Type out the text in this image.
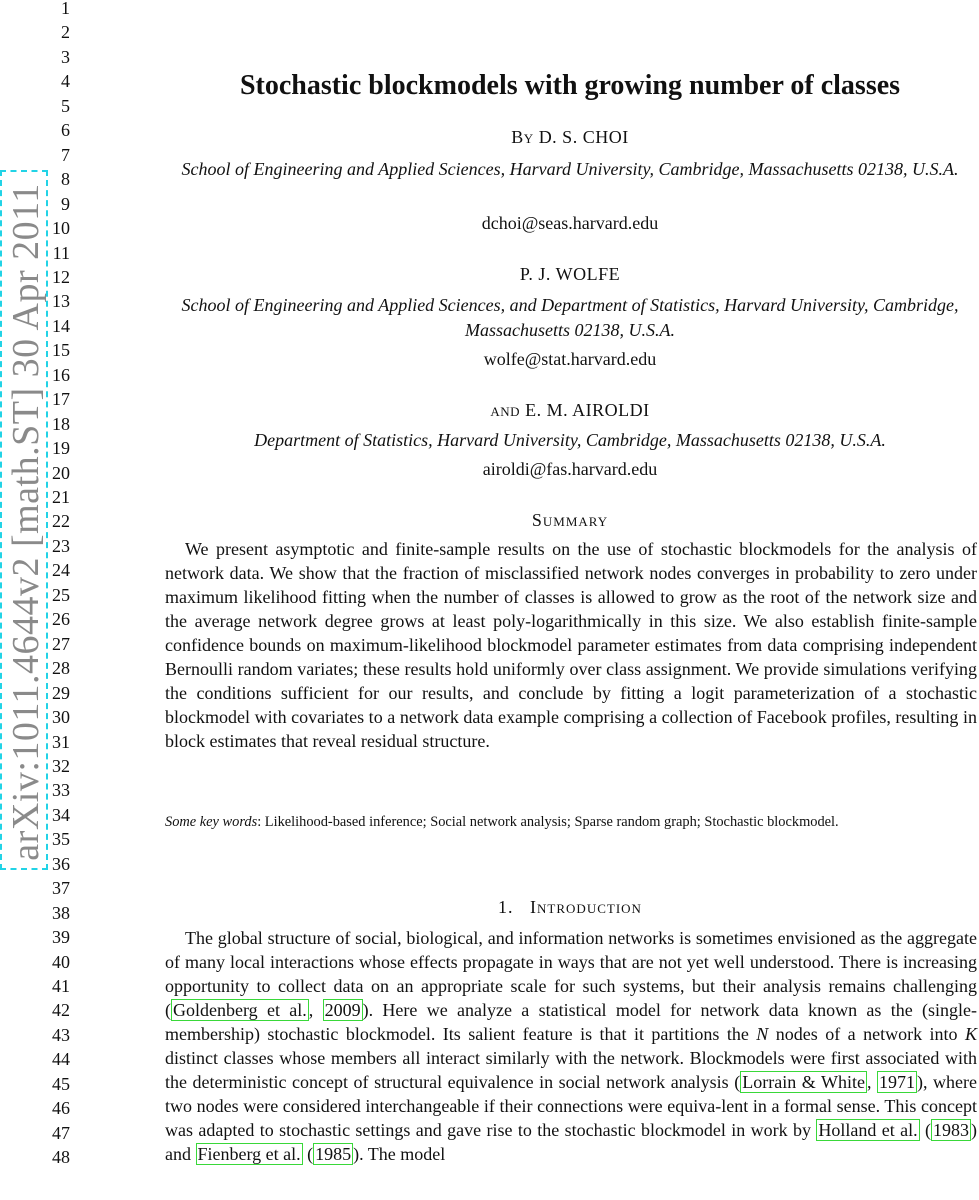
1
2
3
4
5
6
7
8
9
10
11
12
13
14
15
16
17
18
19
20
21
22
23
24
25
26
27
28
29
30
31
32
33
34
35
36
37
38
39
40
41
42
43
44
45
46
47
48
arXiv:1011.4644v2 [math.ST] 30 Apr 2011
Stochastic blockmodels with growing number of classes
By D. S. CHOI
School of Engineering and Applied Sciences, Harvard University, Cambridge, Massachusetts 02138, U.S.A.
dchoi@seas.harvard.edu
P. J. WOLFE
School of Engineering and Applied Sciences, and Department of Statistics, Harvard University, Cambridge, Massachusetts 02138, U.S.A.
wolfe@stat.harvard.edu
and E. M. AIROLDI
Department of Statistics, Harvard University, Cambridge, Massachusetts 02138, U.S.A.
airoldi@fas.harvard.edu
Summary

We present asymptotic and finite-sample results on the use of stochastic blockmodels for the analysis of network data. We show that the fraction of misclassified network nodes converges in probability to zero under maximum likelihood fitting when the number of classes is allowed to grow as the root of the network size and the average network degree grows at least poly-logarithmically in this size. We also establish finite-sample confidence bounds on maximum-likelihood blockmodel parameter estimates from data comprising independent Bernoulli random variates; these results hold uniformly over class assignment. We provide simulations verifying the conditions sufficient for our results, and conclude by fitting a logit parameterization of a stochastic blockmodel with covariates to a network data example comprising a collection of Facebook profiles, resulting in block estimates that reveal residual structure.

Some key words: Likelihood-based inference; Social network analysis; Sparse random graph; Stochastic blockmodel.
1. Introduction

The global structure of social, biological, and information networks is sometimes envisioned as the aggregate of many local interactions whose effects propagate in ways that are not yet well understood. There is increasing opportunity to collect data on an appropriate scale for such systems, but their analysis remains challenging ( Goldenberg et al. , 2009 ). Here we analyze a statistical model for network data known as the (single-membership) stochastic blockmodel. Its salient feature is that it partitions the N nodes of a network into K distinct classes whose members all interact similarly with the network. Blockmodels were first associated with the deterministic concept of structural equivalence in social network analysis ( Lorrain & White , 1971 ), where two nodes were considered interchangeable if their connections were equiva-lent in a formal sense. This concept was adapted to stochastic settings and gave rise to the stochastic blockmodel in work by Holland et al. ( 1983 ) and Fienberg et al. ( 1985 ). The model
